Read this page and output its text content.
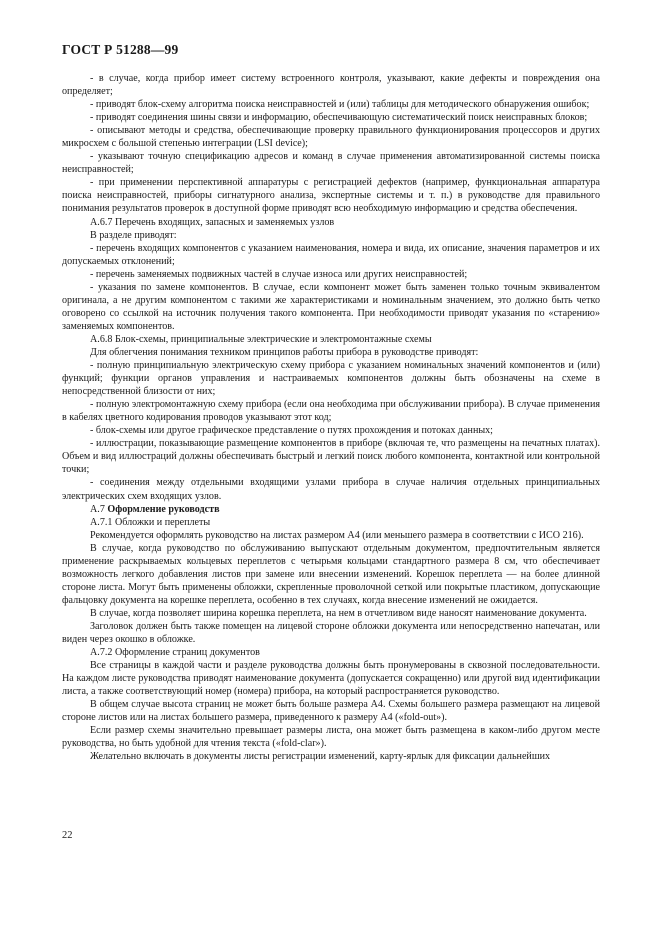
ГОСТ Р 51288—99

- в случае, когда прибор имеет систему встроенного контроля, указывают, какие дефекты и повреждения она определяет;

- приводят блок-схему алгоритма поиска неисправностей и (или) таблицы для методического обнаружения ошибок;

- приводят соединения шины связи и информацию, обеспечивающую систематический поиск неисправных блоков;

- описывают методы и средства, обеспечивающие проверку правильного функционирования процессоров и других микросхем с большой степенью интеграции (LSI device);

- указывают точную спецификацию адресов и команд в случае применения автоматизированной системы поиска неисправностей;

- при применении перспективной аппаратуры с регистрацией дефектов (например, функциональная аппаратура поиска неисправностей, приборы сигнатурного анализа, экспертные системы и т. п.) в руководстве для правильного понимания результатов проверок в доступной форме приводят всю необходимую информацию и средства обеспечения.

А.6.7 Перечень входящих, запасных и заменяемых узлов

В разделе приводят:

- перечень входящих компонентов с указанием наименования, номера и вида, их описание, значения параметров и их допускаемых отклонений;

- перечень заменяемых подвижных частей в случае износа или других неисправностей;

- указания по замене компонентов. В случае, если компонент может быть заменен только точным эквивалентом оригинала, а не другим компонентом с такими же характеристиками и номинальным значением, это должно быть четко оговорено со ссылкой на источник получения такого компонента. При необходимости приводят указания по «старению» заменяемых компонентов.

А.6.8 Блок-схемы, принципиальные электрические и электромонтажные схемы

Для облегчения понимания техником принципов работы прибора в руководстве приводят:

- полную принципиальную электрическую схему прибора с указанием номинальных значений компонентов и (или) функций; функции органов управления и настраиваемых компонентов должны быть обозначены на схеме в непосредственной близости от них;

- полную электромонтажную схему прибора (если она необходима при обслуживании прибора). В случае применения в кабелях цветного кодирования проводов указывают этот код;

- блок-схемы или другое графическое представление о путях прохождения и потоках данных;

- иллюстрации, показывающие размещение компонентов в приборе (включая те, что размещены на печатных платах). Объем и вид иллюстраций должны обеспечивать быстрый и легкий поиск любого компонента, контактной или контрольной точки;

- соединения между отдельными входящими узлами прибора в случае наличия отдельных принципиальных электрических схем входящих узлов.

А.7 Оформление руководств

А.7.1 Обложки и переплеты

Рекомендуется оформлять руководство на листах размером А4 (или меньшего размера в соответствии с ИСО 216).

В случае, когда руководство по обслуживанию выпускают отдельным документом, предпочтительным является применение раскрываемых кольцевых переплетов с четырьмя кольцами стандартного размера 8 см, что обеспечивает возможность легкого добавления листов при замене или внесении изменений. Корешок переплета — на более длинной стороне листа. Могут быть применены обложки, скрепленные проволочной сеткой или покрытые пластиком, допускающие фальцовку документа на корешке переплета, особенно в тех случаях, когда внесение изменений не ожидается.

В случае, когда позволяет ширина корешка переплета, на нем в отчетливом виде наносят наименование документа.

Заголовок должен быть также помещен на лицевой стороне обложки документа или непосредственно напечатан, или виден через окошко в обложке.

А.7.2 Оформление страниц документов

Все страницы в каждой части и разделе руководства должны быть пронумерованы в сквозной последовательности. На каждом листе руководства приводят наименование документа (допускается сокращенно) или другой вид идентификации листа, а также соответствующий номер (номера) прибора, на который распространяется руководство.

В общем случае высота страниц не может быть больше размера А4. Схемы большего размера размещают на лицевой стороне листов или на листах большего размера, приведенного к размеру А4 («fold-out»).

Если размер схемы значительно превышает размеры листа, она может быть размещена в каком-либо другом месте руководства, но быть удобной для чтения текста («fold-clar»).

Желательно включать в документы листы регистрации изменений, карту-ярлык для фиксации дальнейших

22
